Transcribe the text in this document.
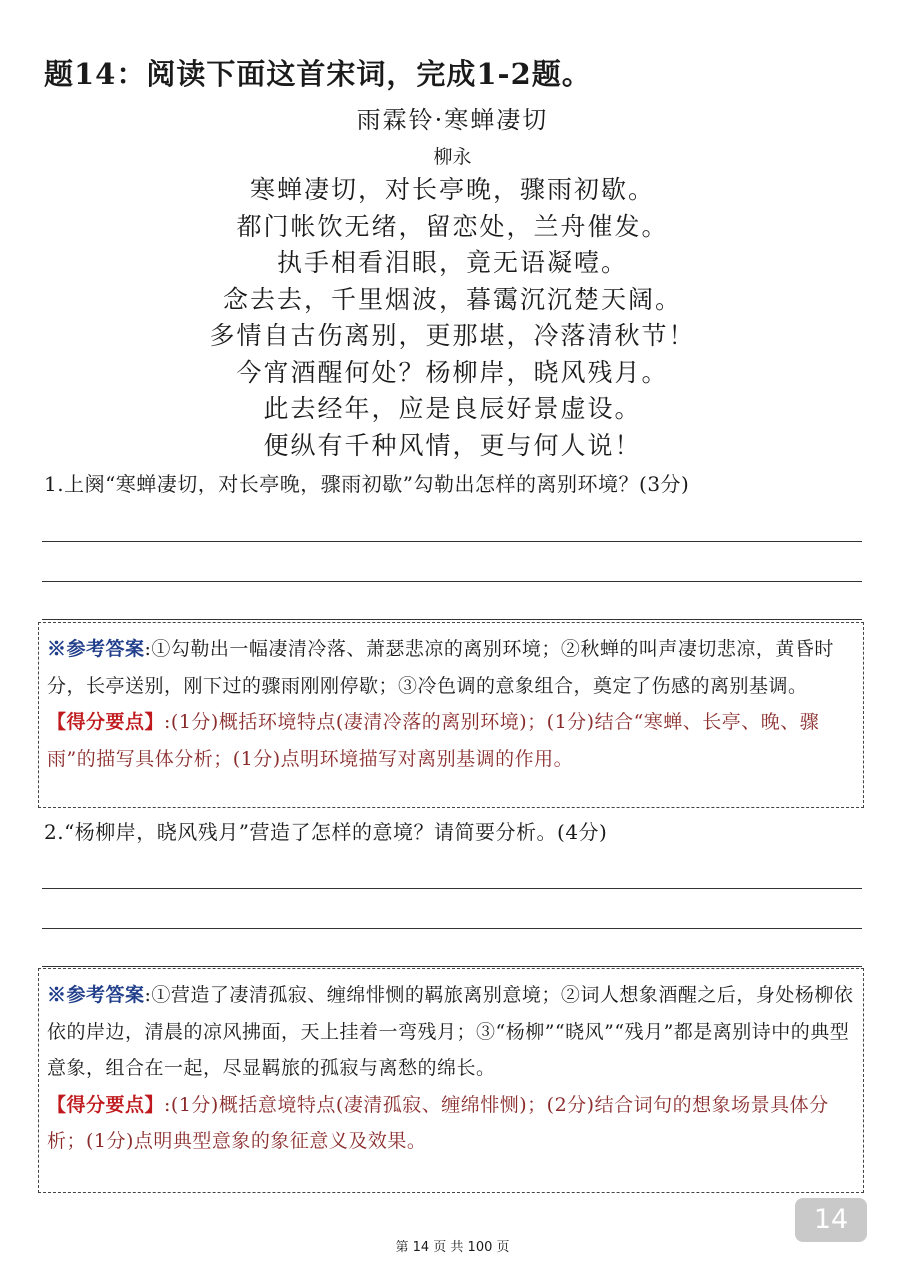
题14：阅读下面这首宋词，完成1-2题。
雨霖铃·寒蝉凄切
柳永
寒蝉凄切，对长亭晚，骤雨初歇。
都门帐饮无绪，留恋处，兰舟催发。
执手相看泪眼，竟无语凝噎。
念去去，千里烟波，暮霭沉沉楚天阔。
多情自古伤离别，更那堪，冷落清秋节！
今宵酒醒何处？杨柳岸，晓风残月。
此去经年，应是良辰好景虚设。
便纵有千种风情，更与何人说！
1.上阕“寒蝉凄切，对长亭晚，骤雨初歇”勾勒出怎样的离别环境？(3分)
※参考答案:①勾勒出一幅凄清冷落、萧瑟悲凉的离别环境；②秋蝉的叫声凄切悲凉，黄昏时分，长亭送别，刚下过的骤雨刚刚停歇；③冷色调的意象组合，奠定了伤感的离别基调。
【得分要点】:(1分)概括环境特点(凄清冷落的离别环境)；(1分)结合“寒蝉、长亭、晚、骤雨”的描写具体分析；(1分)点明环境描写对离别基调的作用。
2.“杨柳岸，晓风残月”营造了怎样的意境？请简要分析。(4分)
※参考答案:①营造了凄清孤寂、缠绵悱恻的羁旅离别意境；②词人想象酒醒之后，身处杨柳依依的岸边，清晨的凉风拂面，天上挂着一弯残月；③“杨柳”“晓风”“残月”都是离别诗中的典型意象，组合在一起，尽显羁旅的孤寂与离愁的绵长。
【得分要点】:(1分)概括意境特点(凄清孤寂、缠绵悱恻)；(2分)结合词句的想象场景具体分析；(1分)点明典型意象的象征意义及效果。
第 14 页 共 100 页
14
